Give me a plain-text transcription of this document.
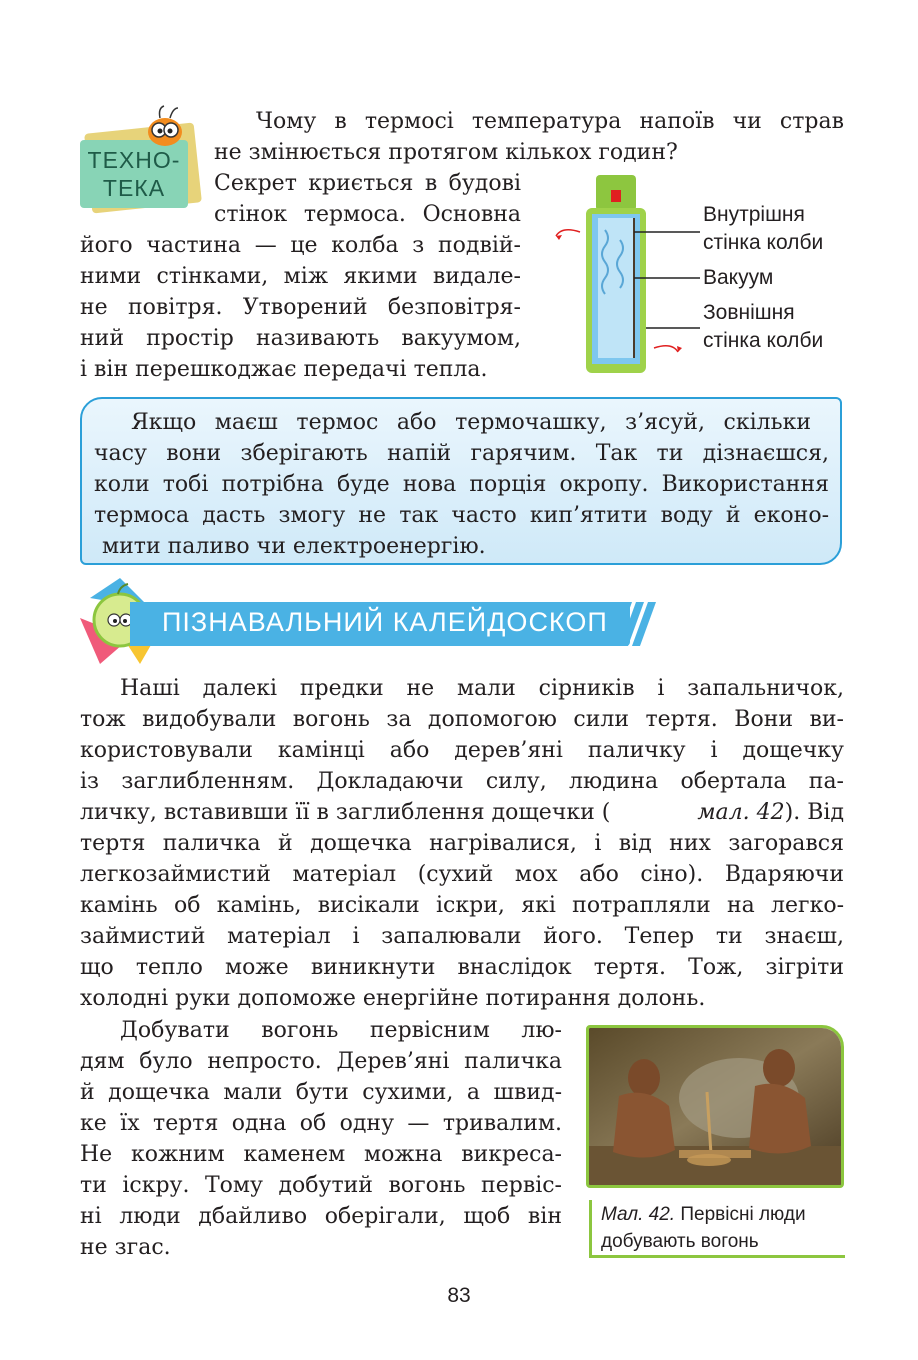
ТЕХНО-
ТЕКА
Чому в термосі температура напоїв чи страв
не змінюється протягом кількох годин?
Секрет криється в будові
стінок термоса. Основна
його частина — це колба з подвій-
ними стінками, між якими видале-
не повітря. Утворений безповітря-
ний простір називають вакуумом,
і він перешкоджає передачі тепла.
Внутрішня
стінка колби
Вакуум
Зовнішня
стінка колби
Якщо маєш термос або термочашку, з’ясуй, скільки
часу вони зберігають напій гарячим. Так ти дізнаєшся,
коли тобі потрібна буде нова порція окропу. Використання
термоса дасть змогу не так часто кип’ятити воду й еконо-
мити паливо чи електроенергію.
ПІЗНАВАЛЬНИЙ КАЛЕЙДОСКОП
Наші далекі предки не мали сірників і запальничок,
тож видобували вогонь за допомогою сили тертя. Вони ви-
користовували камінці або дерев’яні паличку і дощечку
із заглибленням. Докладаючи силу, людина обертала па-
личку, вставивши її в заглиблення дощечки (	мал. 42 ). Від
тертя паличка й дощечка нагрівалися, і від них загорався
легкозаймистий матеріал (сухий мох або сіно). Вдаряючи
камінь об камінь, висікали іскри, які потрапляли на легко-
займистий матеріал і запалювали його. Тепер ти знаєш,
що тепло може виникнути внаслідок тертя. Тож, зігріти
холодні руки допоможе енергійне потирання долонь.
Добувати вогонь первісним лю-
дям було непросто. Дерев’яні паличка
й дощечка мали бути сухими, а швид-
ке їх тертя одна об одну — тривалим.
Не кожним каменем можна викреса-
ти іскру. Тому добутий вогонь первіс-
ні люди дбайливо оберігали, щоб він
не згас.
Мал. 42. Первісні люди
добувають вогонь
83
